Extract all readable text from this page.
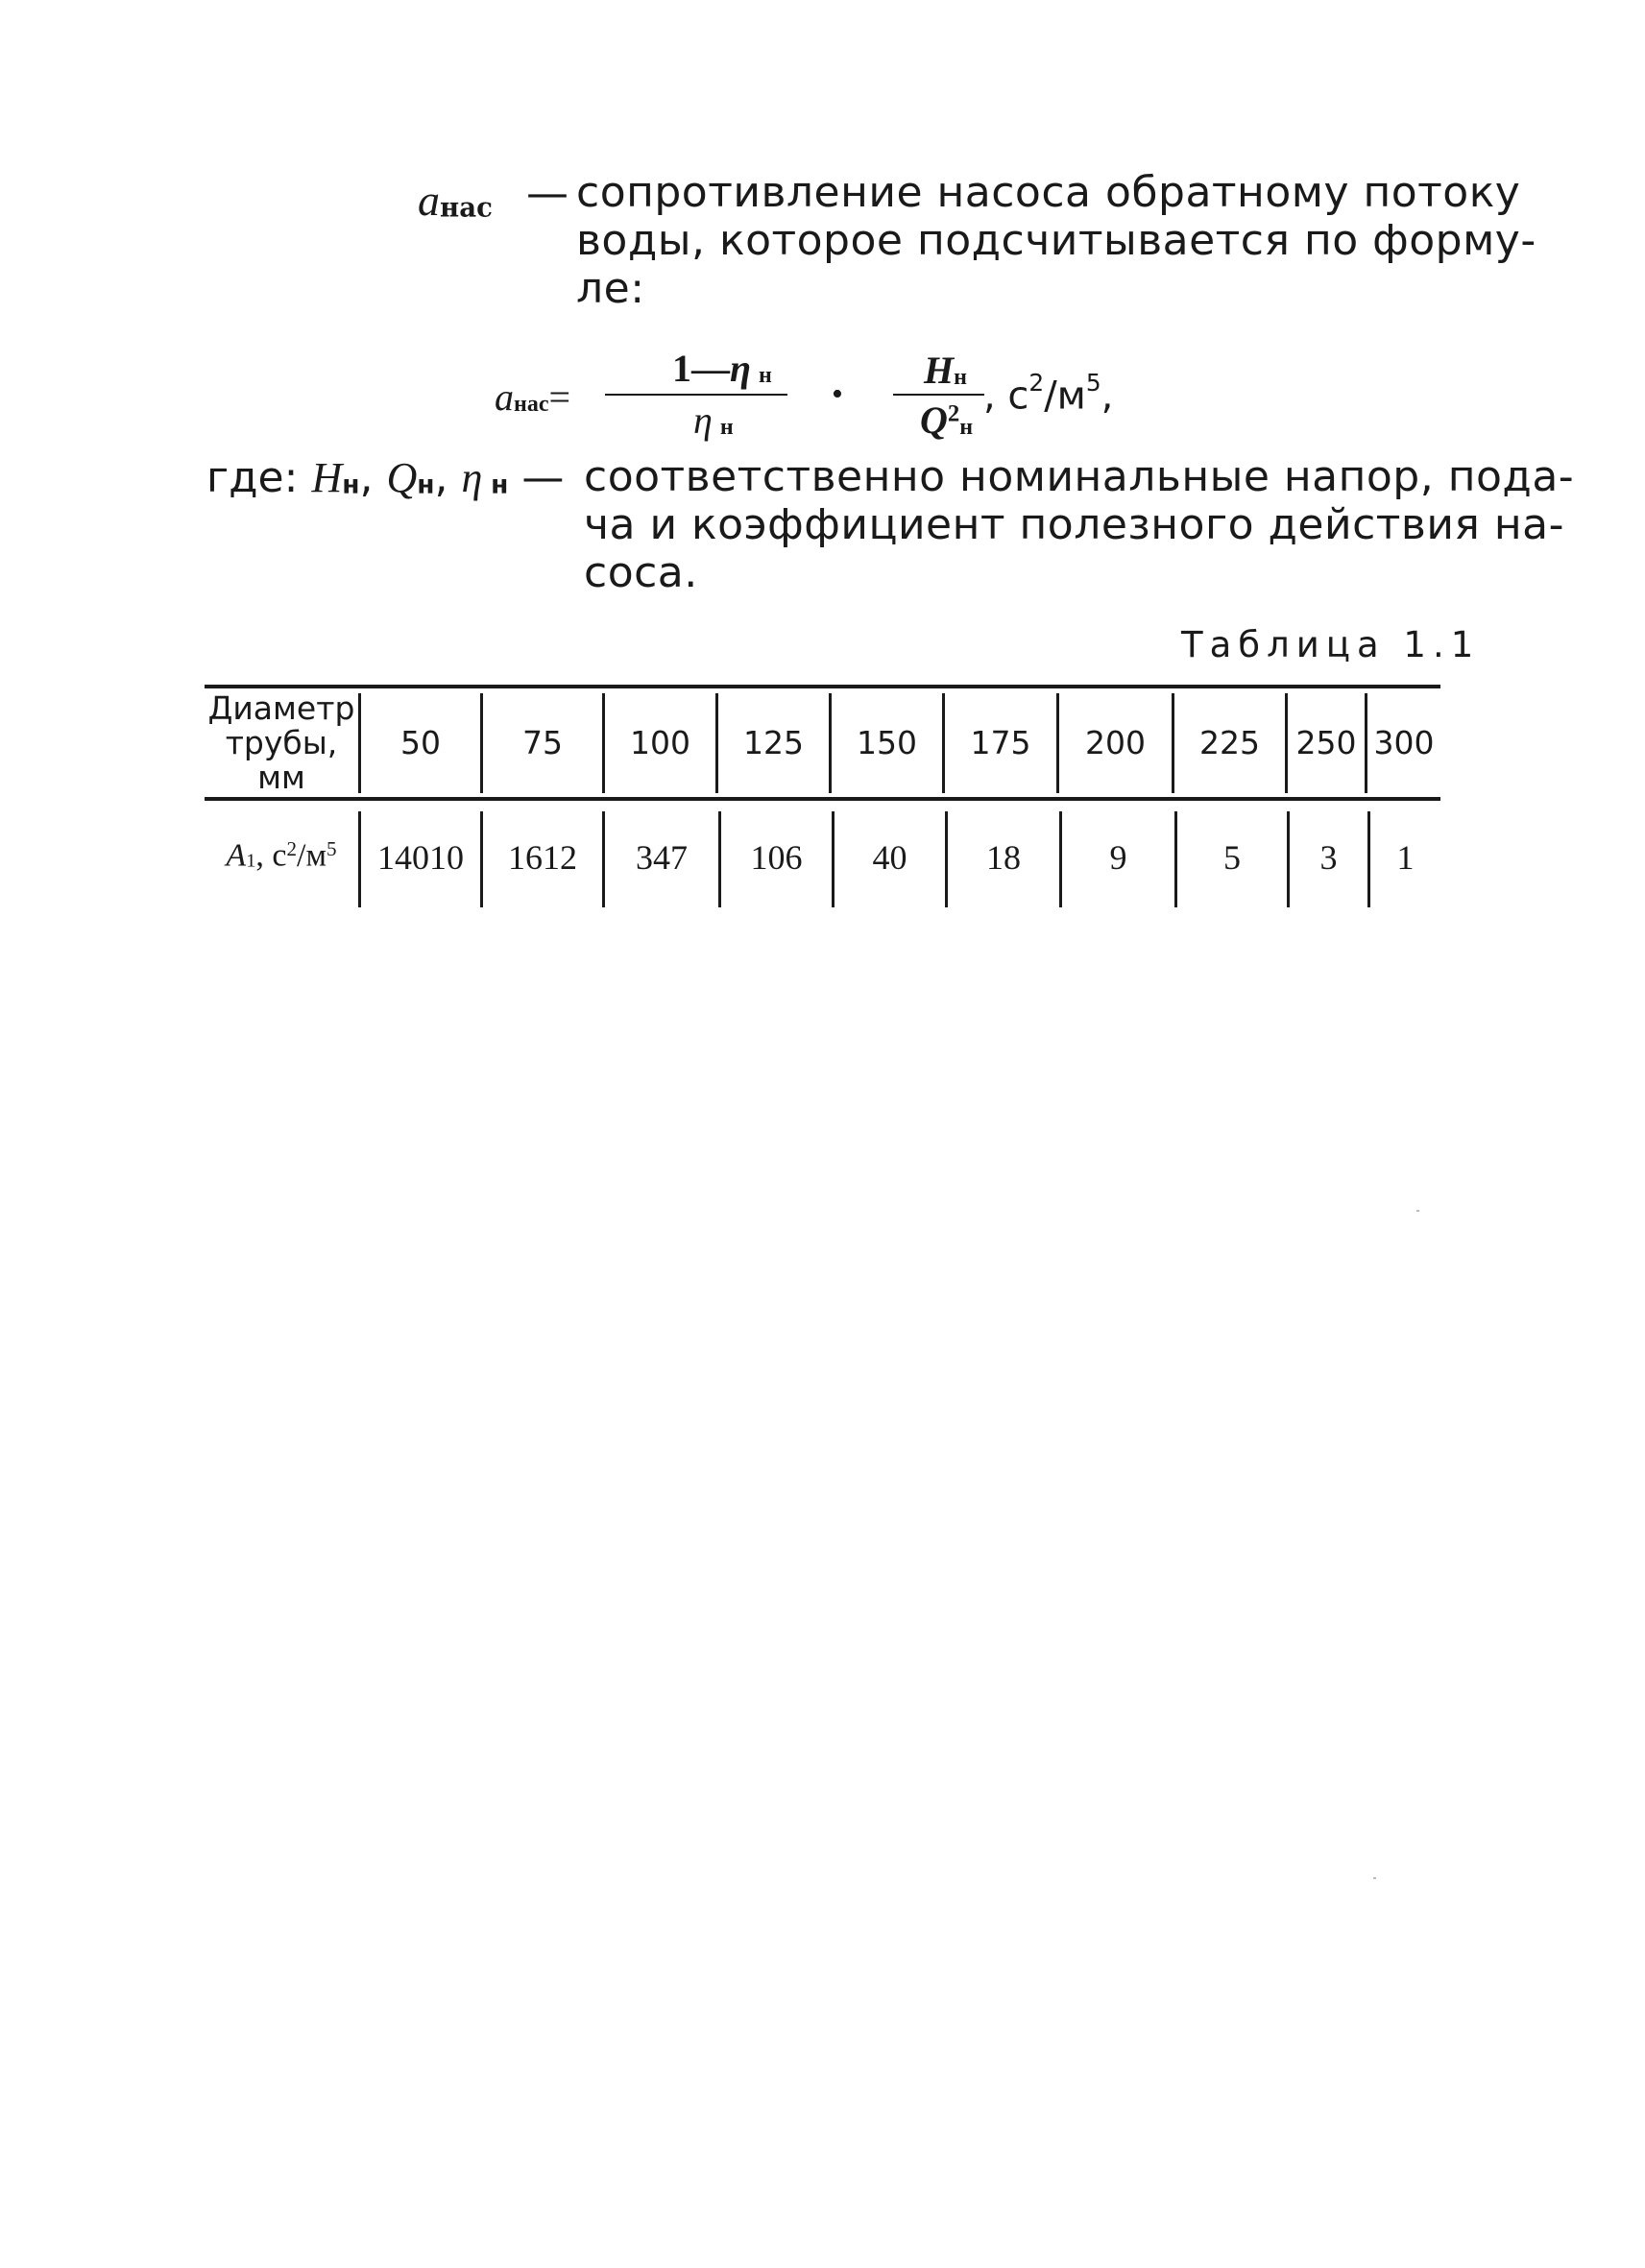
aнас — сопротивление насоса обратному потоку
воды, которое подсчитывается по форму-
ле:
aнас=
1—η  н
η  н
•
Hн
$Q^2н$
, $с^2/м^5$,
где: Hн, Qн, η  н — соответственно номинальные напор, пода-
ча и коэффициент полезного действия на-
coca.
Таблица 1.1
Диаметр
трубы,
мм
50	75	100	125	150	175	200	225	250 300
A1, $с^2/м^5$	14010	1612	347	106	40	18	9	5	3	1
